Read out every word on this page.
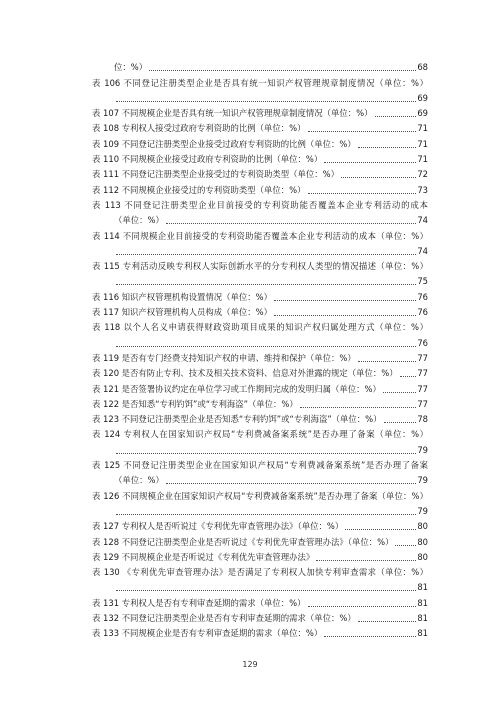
位：%）	68
表 106 不同登记注册类型企业是否具有统一知识产权管理规章制度情况（单位：%）
69
表 107 不同规模企业是否具有统一知识产权管理规章制度情况（单位：%）	69
表 108 专利权人接受过政府专利资助的比例（单位：%）	71
表 109 不同登记注册类型企业接受过政府专利资助的比例（单位：%）	71
表 110 不同规模企业接受过政府专利资助的比例（单位：%）	71
表 111 不同登记注册类型企业接受过的专利资助类型（单位：%）	72
表 112 不同规模企业接受过的专利资助类型（单位：%）	73
表 113 不同登记注册类型企业目前接受的专利资助能否覆盖本企业专利活动的成本
（单位：%）	74
表 114 不同规模企业目前接受的专利资助能否覆盖本企业专利活动的成本（单位：%）
74
表 115 专利活动反映专利权人实际创新水平的分专利权人类型的情况描述（单位：%）
75
表 116 知识产权管理机构设置情况（单位：%）	76
表 117 知识产权管理机构人员构成（单位：%）	76
表 118 以个人名义申请获得财政资助项目成果的知识产权归属处理方式（单位：%）
76
表 119 是否有专门经费支持知识产权的申请、维持和保护（单位：%）	77
表 120 是否有防止专利、技术及相关技术资料、信息对外泄露的规定（单位：%） 77
表 121 是否签署协议约定在单位学习或工作期间完成的发明归属（单位：%）	77
表 122 是否知悉“专利钓饵”或“专利海盗”（单位：%）	77
表 123 不同登记注册类型企业是否知悉“专利钓饵”或“专利海盗”（单位：%）	78
表 124 专利权人在国家知识产权局“专利费减备案系统”是否办理了备案（单位：%）
79
表 125 不同登记注册类型企业在国家知识产权局“专利费减备案系统”是否办理了备案
（单位：%）	79
表 126 不同规模企业在国家知识产权局“专利费减备案系统”是否办理了备案（单位：%）
79
表 127 专利权人是否听说过《专利优先审查管理办法》（单位：%）	80
表 128 不同登记注册类型企业是否听说过《专利优先审查管理办法》（单位：%）	80
表 129 不同规模企业是否听说过《专利优先审查管理办法》	80
表 130 《专利优先审查管理办法》是否满足了专利权人加快专利审查需求（单位：%）
81
表 131 专利权人是否有专利审查延期的需求（单位：%）	81
表 132 不同登记注册类型企业是否有专利审查延期的需求（单位：%）	81
表 133 不同规模企业是否有专利审查延期的需求（单位：%）	81
129
